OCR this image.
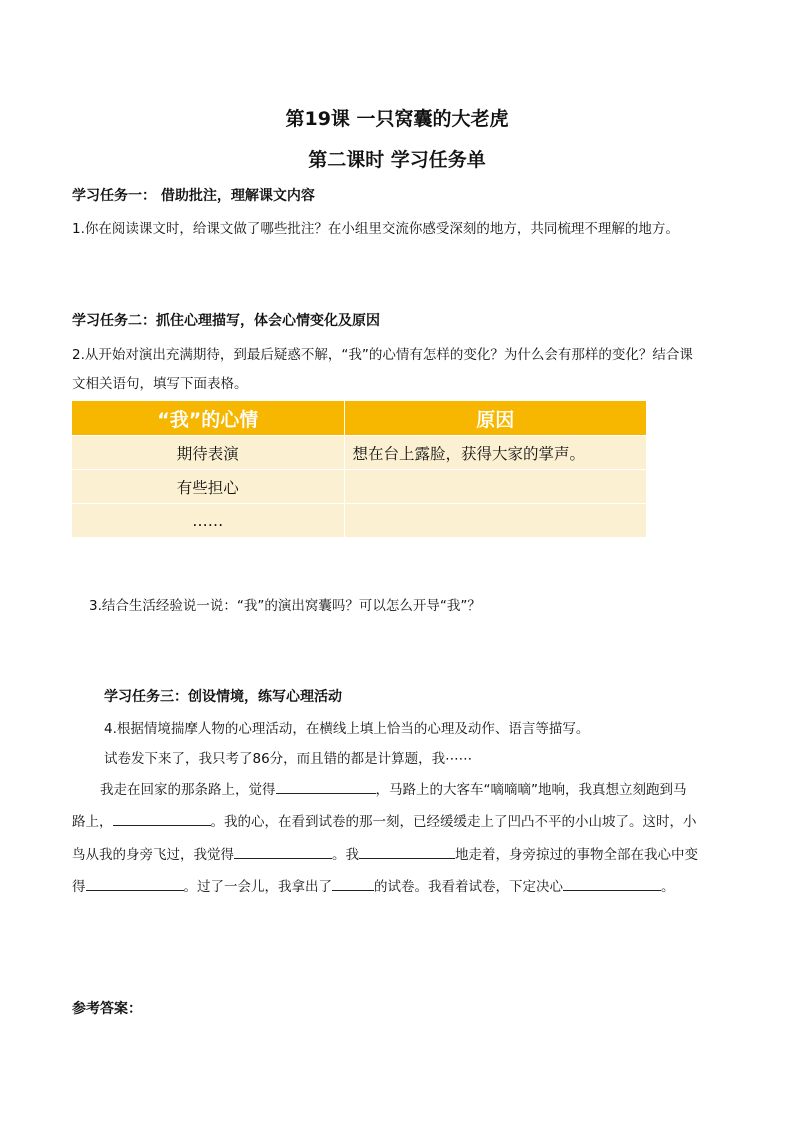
第19课 一只窝囊的大老虎
第二课时 学习任务单
学习任务一： 借助批注，理解课文内容
1.你在阅读课文时，给课文做了哪些批注？在小组里交流你感受深刻的地方，共同梳理不理解的地方。
学习任务二：抓住心理描写，体会心情变化及原因
2.从开始对演出充满期待，到最后疑惑不解，“我”的心情有怎样的变化？为什么会有那样的变化？结合课
文相关语句，填写下面表格。
“我”的心情	原因
期待表演	想在台上露脸，获得大家的掌声。
有些担心	
……	
3.结合生活经验说一说：“我”的演出窝囊吗？可以怎么开导“我”？
学习任务三：创设情境，练写心理活动
4.根据情境揣摩人物的心理活动，在横线上填上恰当的心理及动作、语言等描写。
试卷发下来了，我只考了86分，而且错的都是计算题，我⋯⋯
我走在回家的那条路上，觉得	，马路上的大客车“嘀嘀嘀”地响，我真想立刻跑到马
路上，	。我的心，在看到试卷的那一刻，已经缓缓走上了凹凸不平的小山坡了。这时，小
鸟从我的身旁飞过，我觉得	。我	地走着，身旁掠过的事物全部在我心中变
得	。过了一会儿，我拿出了	的试卷。我看着试卷，下定决心	。
参考答案：
